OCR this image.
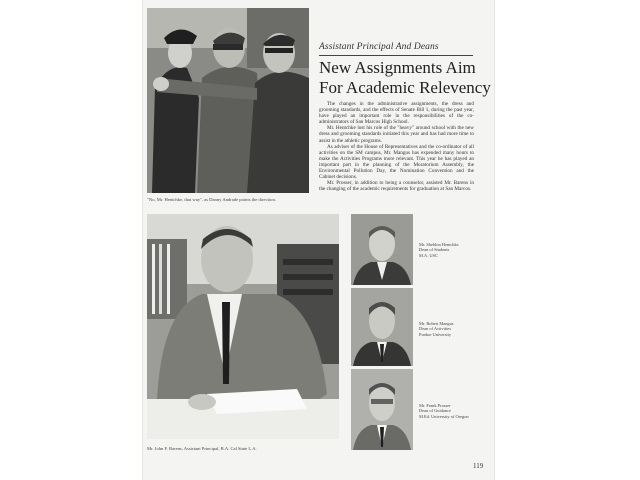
"No, Mr. Hentchke, that way", as Danny Andrade points the direction.
Assistant Principal And Deans
New Assignments Aim
For Academic Relevency

The changes in the administrative assignments, the dress and grooming standards, and the effects of Senate Bill 1, during the past year, have played an important role in the responsibilities of the co-administrators of San Marcos High School.

Mr. Hentchke lost his role of the "heavy" around school with the new dress and grooming standards initiated this year and has had more time to assist in the athletic programs.

As adviser of the House of Representatives and the co-ordinator of all activities on the SM campus, Mr. Mangus has expended many hours to make the Activities Programs more relevant. This year he has played an important part in the planning of the Moratorium Assembly, the Environmental Pollution Day, the Nomination Convention and the Cabinet decisions.

Mr. Prosser, in addition to being a counselor, assisted Mr. Barens in the changing of the academic requirements for graduation at San Marcos.

Mr. John F. Barens, Assistant Principal, B.A. Cal State L.A.
Mr. Sheldon Hentchke
Dean of Students
M.A. USC
Mr. Robert Mangus
Dean of Activities
Purdue University
Mr. Frank Prosser
Dean of Guidance
M.Ed. University of Oregon
119
